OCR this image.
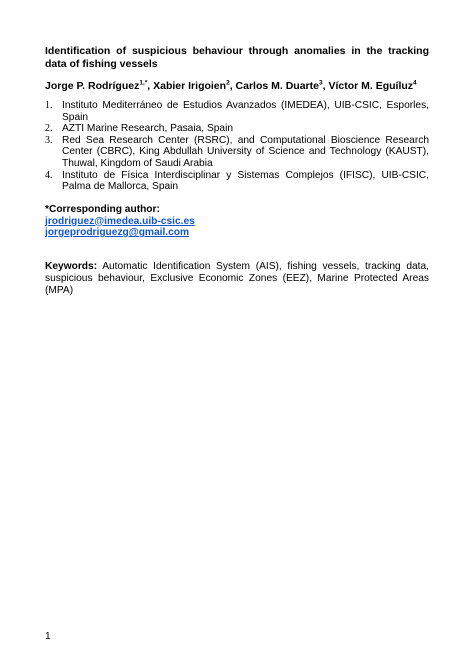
Identification of suspicious behaviour through anomalies in the tracking data of fishing vessels
Jorge P. Rodríguez$^{1,*}$, Xabier Irigoien$^2$, Carlos M. Duarte$^3$, Víctor M. Eguíluz$^4$
1. Instituto Mediterráneo de Estudios Avanzados (IMEDEA), UIB-CSIC, Esporles, Spain
2. AZTI Marine Research, Pasaia, Spain
3. Red Sea Research Center (RSRC), and Computational Bioscience Research Center (CBRC), King Abdullah University of Science and Technology (KAUST), Thuwal, Kingdom of Saudi Arabia
4. Instituto de Física Interdisciplinar y Sistemas Complejos (IFISC), UIB-CSIC, Palma de Mallorca, Spain
*Corresponding author:
jrodriguez@imedea.uib-csic.es
jorgeprodriguezg@gmail.com
Keywords: Automatic Identification System (AIS), fishing vessels, tracking data, suspicious behaviour, Exclusive Economic Zones (EEZ), Marine Protected Areas (MPA)
1
